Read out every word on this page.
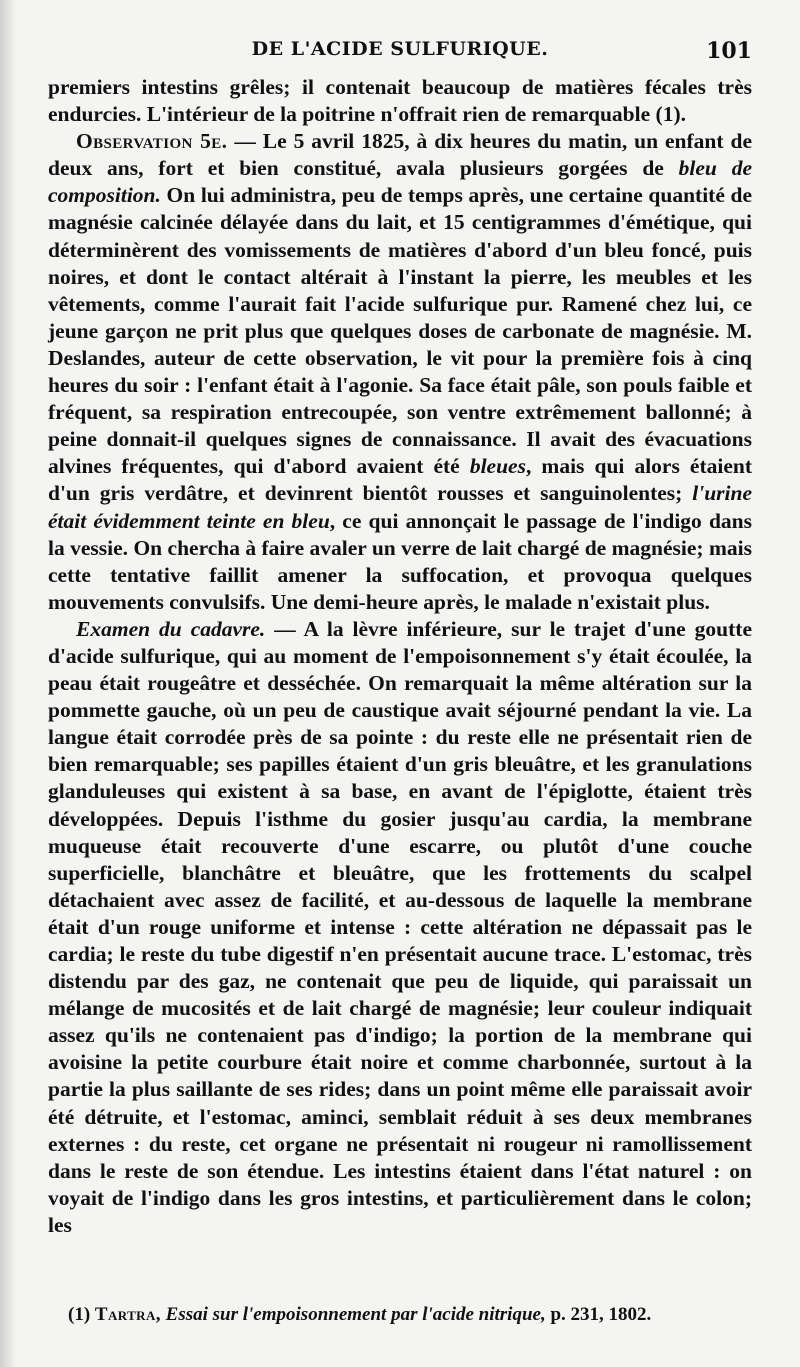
DE L'ACIDE SULFURIQUE.	101

premiers intestins grêles; il contenait beaucoup de matières fécales très endurcies. L'intérieur de la poitrine n'offrait rien de remarquable (1).

Observation 5e. — Le 5 avril 1825, à dix heures du matin, un enfant de deux ans, fort et bien constitué, avala plusieurs gorgées de bleu de composition. On lui administra, peu de temps après, une certaine quantité de magnésie calcinée délayée dans du lait, et 15 centigrammes d'émétique, qui déterminèrent des vomissements de matières d'abord d'un bleu foncé, puis noires, et dont le contact altérait à l'instant la pierre, les meubles et les vêtements, comme l'aurait fait l'acide sulfurique pur. Ramené chez lui, ce jeune garçon ne prit plus que quelques doses de carbonate de magnésie. M. Deslandes, auteur de cette observation, le vit pour la première fois à cinq heures du soir : l'enfant était à l'agonie. Sa face était pâle, son pouls faible et fréquent, sa respiration entrecoupée, son ventre extrêmement ballonné; à peine donnait-il quelques signes de connaissance. Il avait des évacuations alvines fréquentes, qui d'abord avaient été bleues, mais qui alors étaient d'un gris verdâtre, et devinrent bientôt rousses et sanguinolentes; l'urine était évidemment teinte en bleu, ce qui annonçait le passage de l'indigo dans la vessie. On chercha à faire avaler un verre de lait chargé de magnésie; mais cette tentative faillit amener la suffocation, et provoqua quelques mouvements convulsifs. Une demi-heure après, le malade n'existait plus.

Examen du cadavre. — A la lèvre inférieure, sur le trajet d'une goutte d'acide sulfurique, qui au moment de l'empoisonnement s'y était écoulée, la peau était rougeâtre et desséchée. On remarquait la même altération sur la pommette gauche, où un peu de caustique avait séjourné pendant la vie. La langue était corrodée près de sa pointe : du reste elle ne présentait rien de bien remarquable; ses papilles étaient d'un gris bleuâtre, et les granulations glanduleuses qui existent à sa base, en avant de l'épiglotte, étaient très développées. Depuis l'isthme du gosier jusqu'au cardia, la membrane muqueuse était recouverte d'une escarre, ou plutôt d'une couche superficielle, blanchâtre et bleuâtre, que les frottements du scalpel détachaient avec assez de facilité, et au-dessous de laquelle la membrane était d'un rouge uniforme et intense : cette altération ne dépassait pas le cardia; le reste du tube digestif n'en présentait aucune trace. L'estomac, très distendu par des gaz, ne contenait que peu de liquide, qui paraissait un mélange de mucosités et de lait chargé de magnésie; leur couleur indiquait assez qu'ils ne contenaient pas d'indigo; la portion de la membrane qui avoisine la petite courbure était noire et comme charbonnée, surtout à la partie la plus saillante de ses rides; dans un point même elle paraissait avoir été détruite, et l'estomac, aminci, semblait réduit à ses deux membranes externes : du reste, cet organe ne présentait ni rougeur ni ramollissement dans le reste de son étendue. Les intestins étaient dans l'état naturel : on voyait de l'indigo dans les gros intestins, et particulièrement dans le colon; les

(1) Tartra, Essai sur l'empoisonnement par l'acide nitrique, p. 231, 1802.
